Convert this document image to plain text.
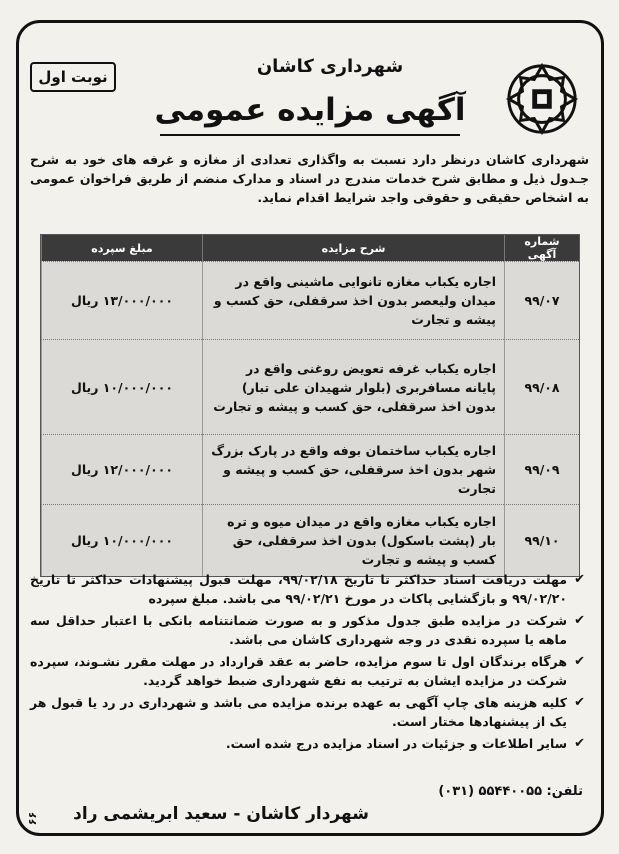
نوبت اول	شهرداری کاشان
آگهی مزایده عمومی
شهرداری کاشان درنظر دارد نسبت به واگذاری تعدادی از مغازه و غرفه های خود به شرح جـدول ذیل و مطابق شرح خدمات مندرج در اسناد و مدارک منضم از طریق فراخوان عمومی به اشخاص حقیقی و حقوقی واجد شرایط اقدام نماید.
شماره آگهی	شرح مزایده	مبلغ سپرده
۹۹/۰۷	اجاره یکباب مغازه تانوایی ماشینی واقع در میدان ولیعصر بدون اخذ سرقفلی، حق کسب و پیشه و تجارت	۱۳/۰۰۰/۰۰۰ ریال
۹۹/۰۸	اجاره یکباب غرفه تعویض روغنی واقع در پایانه مسافربری (بلوار شهیدان علی تبار) بدون اخذ سرقفلی، حق کسب و پیشه و تجارت	۱۰/۰۰۰/۰۰۰ ریال
۹۹/۰۹	اجاره یکباب ساختمان بوفه واقع در پارک بزرگ شهر بدون اخذ سرقفلی، حق کسب و پیشه و تجارت	۱۲/۰۰۰/۰۰۰ ریال
۹۹/۱۰	اجاره یکباب مغازه واقع در میدان میوه و تره بار (پشت باسکول) بدون اخذ سرقفلی، حق کسب و پیشه و تجارت	۱۰/۰۰۰/۰۰۰ ریال

✔
مهلت دریافت اسناد حداکثر تا تاریخ ۹۹/۰۲/۱۸، مهلت قبول پیشنهادات حداکثر تا تاریخ ۹۹/۰۲/۲۰ و بازگشایی پاکات در مورخ ۹۹/۰۲/۲۱ می باشد. مبلغ سپرده

✔
شرکت در مزایده طبق جدول مذکور و به صورت ضمانتنامه بانکی با اعتبار حداقل سه ماهه یا سپرده نقدی در وجه شهرداری کاشان می باشد.

✔
هرگاه برندگان اول تا سوم مزایده، حاضر به عقد قرارداد در مهلت مقرر نشـوند، سپرده شرکت در مزایده ایشان به ترتیب به نفع شهرداری ضبط خواهد گردید.

✔
کلیه هزینه های چاپ آگهی به عهده برنده مزایده می باشد و شهرداری در رد یا قبول هر یک از پیشنهادها مختار است.

✔
سایر اطلاعات و جزئیات در اسناد مزایده درج شده است.

تلفن: ۵۵۴۴۰۰۵۵ (۰۳۱)
شهردار کاشان - سعید ابریشمی راد
۶۶
